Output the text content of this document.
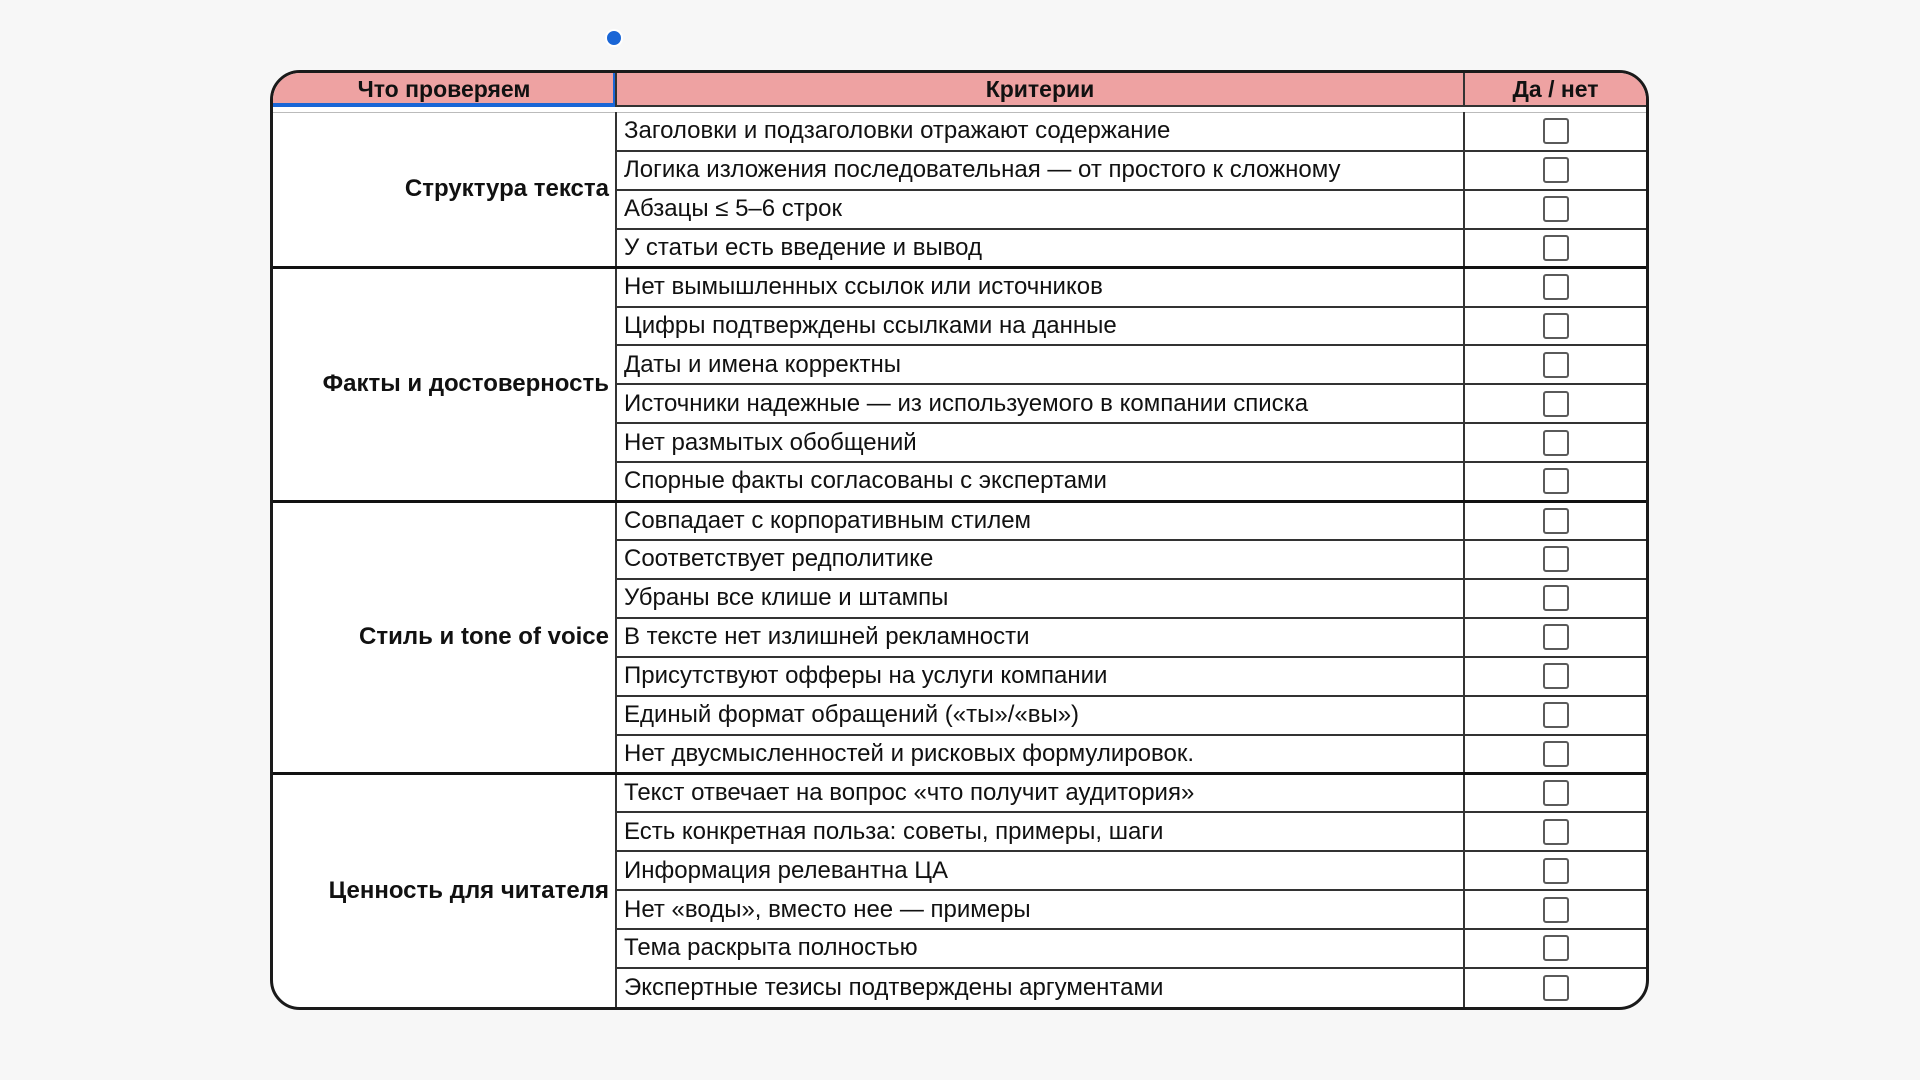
Что проверяем	Критерии	Да / нет

Структура текста	Заголовки и подзаголовки отражают содержание	
	Логика изложения последовательная — от простого к сложному	
	Абзацы ≤ 5–6 строк	
	У статьи есть введение и вывод	
Факты и достоверность	Нет вымышленных ссылок или источников	
	Цифры подтверждены ссылками на данные	
	Даты и имена корректны	
	Источники надежные — из используемого в компании списка	
	Нет размытых обобщений	
	Спорные факты согласованы с экспертами	
Стиль и tone of voice	Совпадает с корпоративным стилем	
	Соответствует редполитике	
	Убраны все клише и штампы	
	В тексте нет излишней рекламности	
	Присутствуют офферы на услуги компании	
	Единый формат обращений («ты»/«вы»)	
	Нет двусмысленностей и рисковых формулировок.	
Ценность для читателя	Текст отвечает на вопрос «что получит аудитория»	
	Есть конкретная польза: советы, примеры, шаги	
	Информация релевантна ЦА	
	Нет «воды», вместо нее — примеры	
	Тема раскрыта полностью	
	Экспертные тезисы подтверждены аргументами	
